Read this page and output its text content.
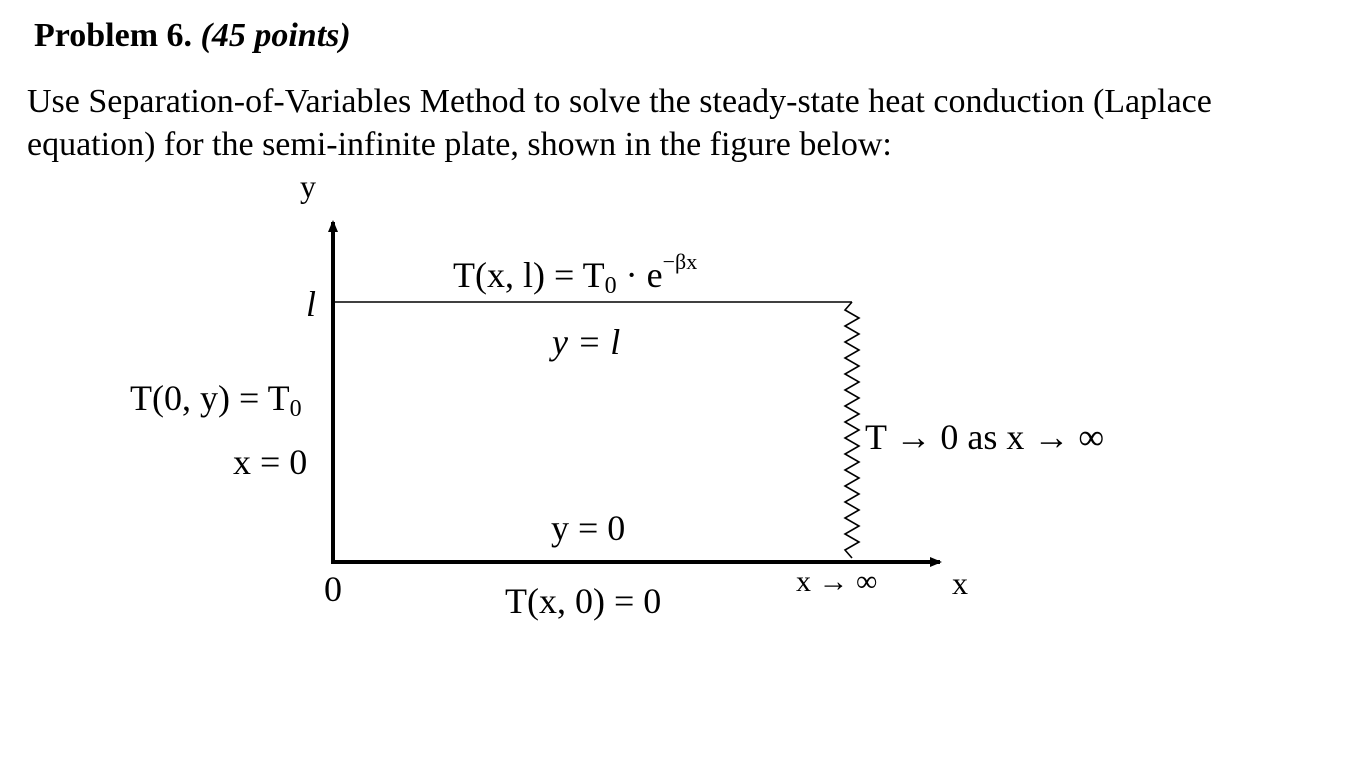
Problem 6. (45 points)
Use Separation-of-Variables Method to solve the steady-state heat conduction (Laplace
equation) for the semi-infinite plate, shown in the figure below:
y
l
T(x, $l) = T_0 \cdot e^{-\beta x}$
y = l
T(0, $y) = T_0$
x = 0
T → 0 as x → ∞
y = 0
0	T(x, 0) = 0	x → ∞ x
